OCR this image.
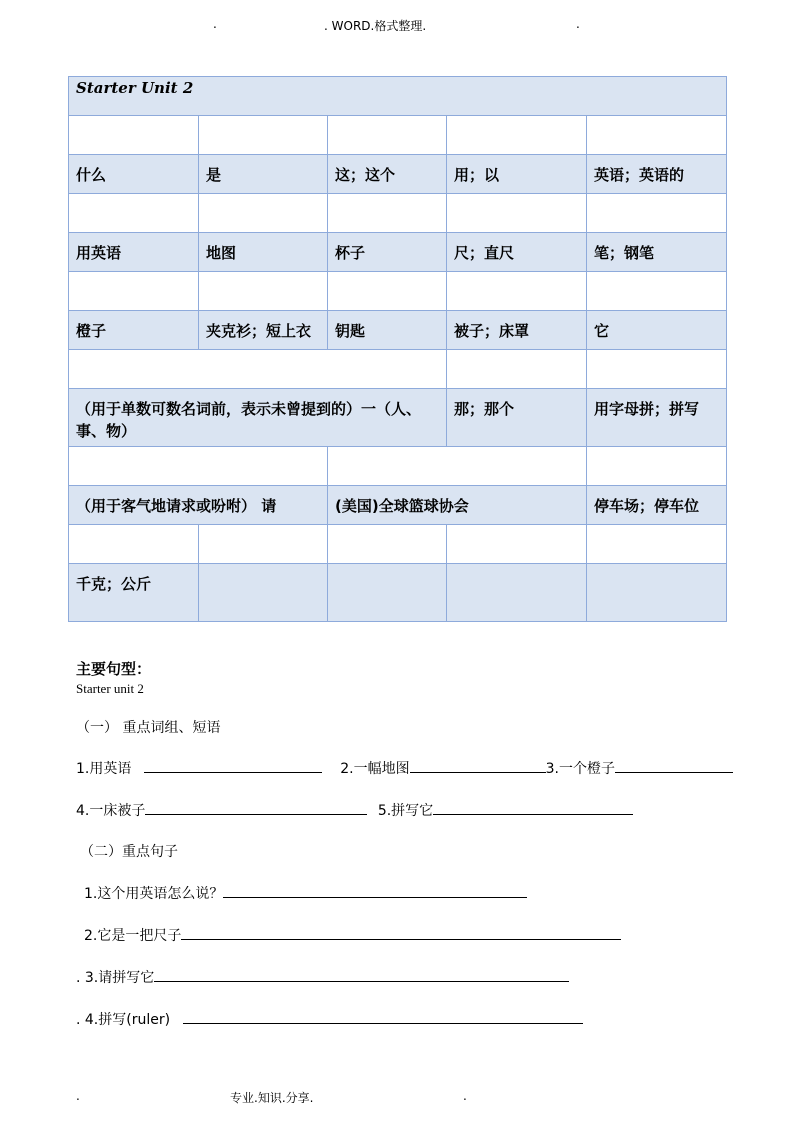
.	. WORD.格式整理.	.
Starter Unit 2				

什么	是	这；这个	用；以	英语；英语的

用英语	地图	杯子	尺；直尺	笔；钢笔

橙子	夹克衫；短上衣	钥匙	被子；床罩	它

（用于单数可数名词前，表示未曾提到的）一（人、事、物）			那；那个	用字母拼；拼写

（用于客气地请求或吩咐） 请		(美国)全球篮球协会		停车场；停车位

千克；公斤				
主要句型：
Starter unit 2
（一） 重点词组、短语
1.用英语	2.一幅地图	3.一个橙子
4.一床被子	5.拼写它
（二）重点句子
1.这个用英语怎么说？
2.它是一把尺子
. 3.请拼写它
. 4.拼写(ruler)
.	专业.知识.分享.	.
